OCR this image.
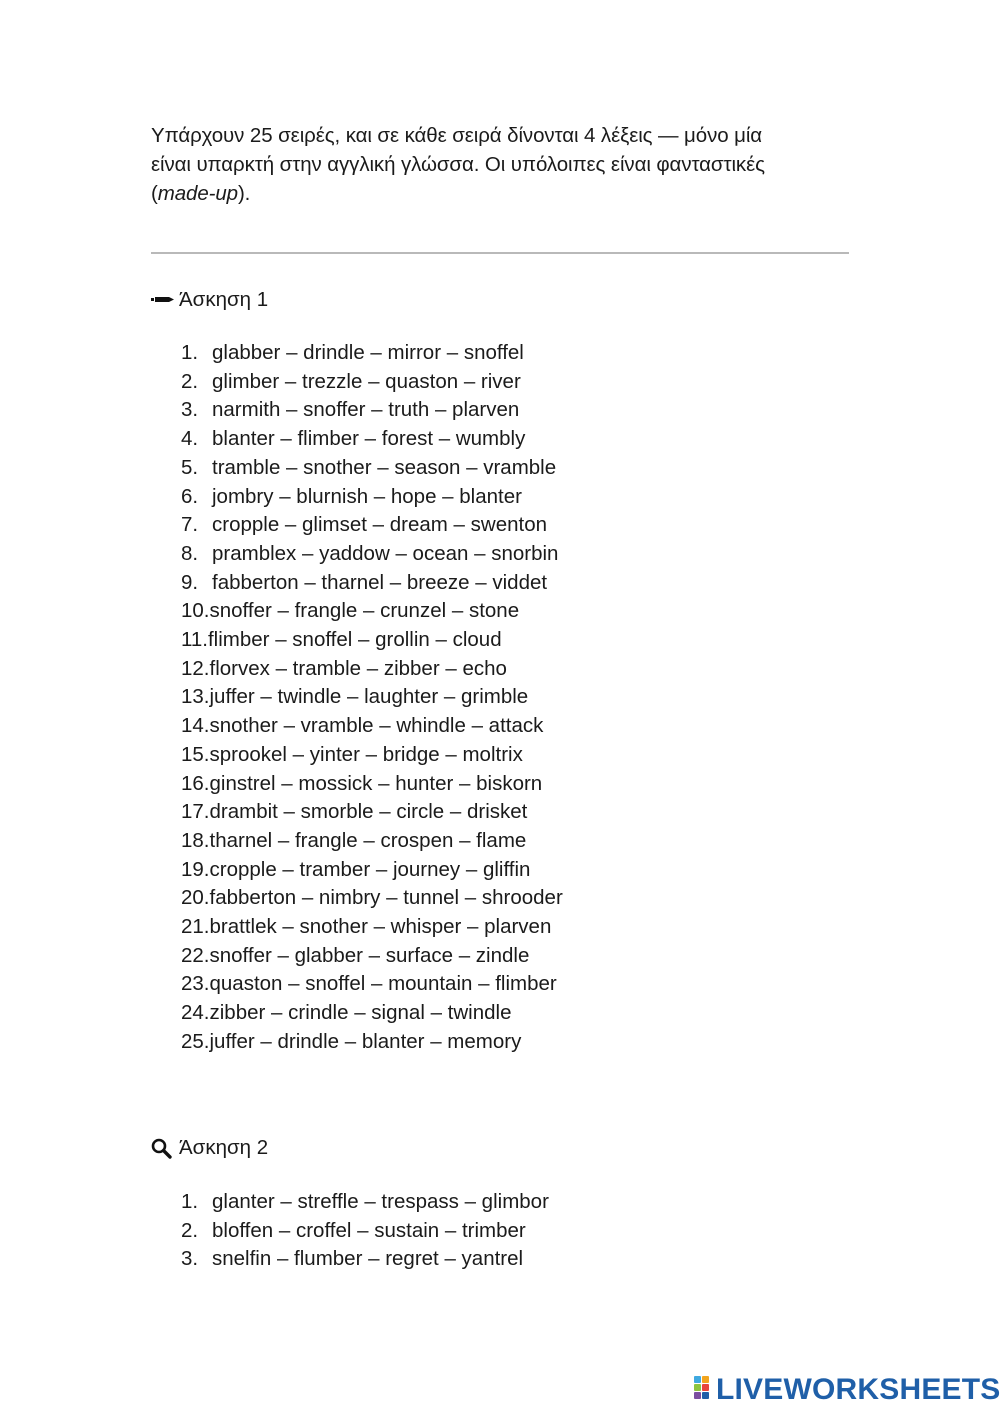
Υπάρχουν 25 σειρές, και σε κάθε σειρά δίνονται 4 λέξεις — μόνο μία
είναι υπαρκτή στην αγγλική γλώσσα. Οι υπόλοιπες είναι φανταστικές
(made-up).
Άσκηση 1
1. glabber – drindle – mirror – snoffel
2. glimber – trezzle – quaston – river
3. narmith – snoffer – truth – plarven
4. blanter – flimber – forest – wumbly
5. tramble – snother – season – vramble
6. jombry – blurnish – hope – blanter
7. cropple – glimset – dream – swenton
8. pramblex – yaddow – ocean – snorbin
9. fabberton – tharnel – breeze – viddet
10.snoffer – frangle – crunzel – stone
11.flimber – snoffel – grollin – cloud
12.florvex – tramble – zibber – echo
13.juffer – twindle – laughter – grimble
14.snother – vramble – whindle – attack
15.sprookel – yinter – bridge – moltrix
16.ginstrel – mossick – hunter – biskorn
17.drambit – smorble – circle – drisket
18.tharnel – frangle – crospen – flame
19.cropple – tramber – journey – gliffin
20.fabberton – nimbry – tunnel – shrooder
21.brattlek – snother – whisper – plarven
22.snoffer – glabber – surface – zindle
23.quaston – snoffel – mountain – flimber
24.zibber – crindle – signal – twindle
25.juffer – drindle – blanter – memory
Άσκηση 2
1. glanter – streffle – trespass – glimbor
2. bloffen – croffel – sustain – trimber
3. snelfin – flumber – regret – yantrel
LIVEWORKSHEETS
